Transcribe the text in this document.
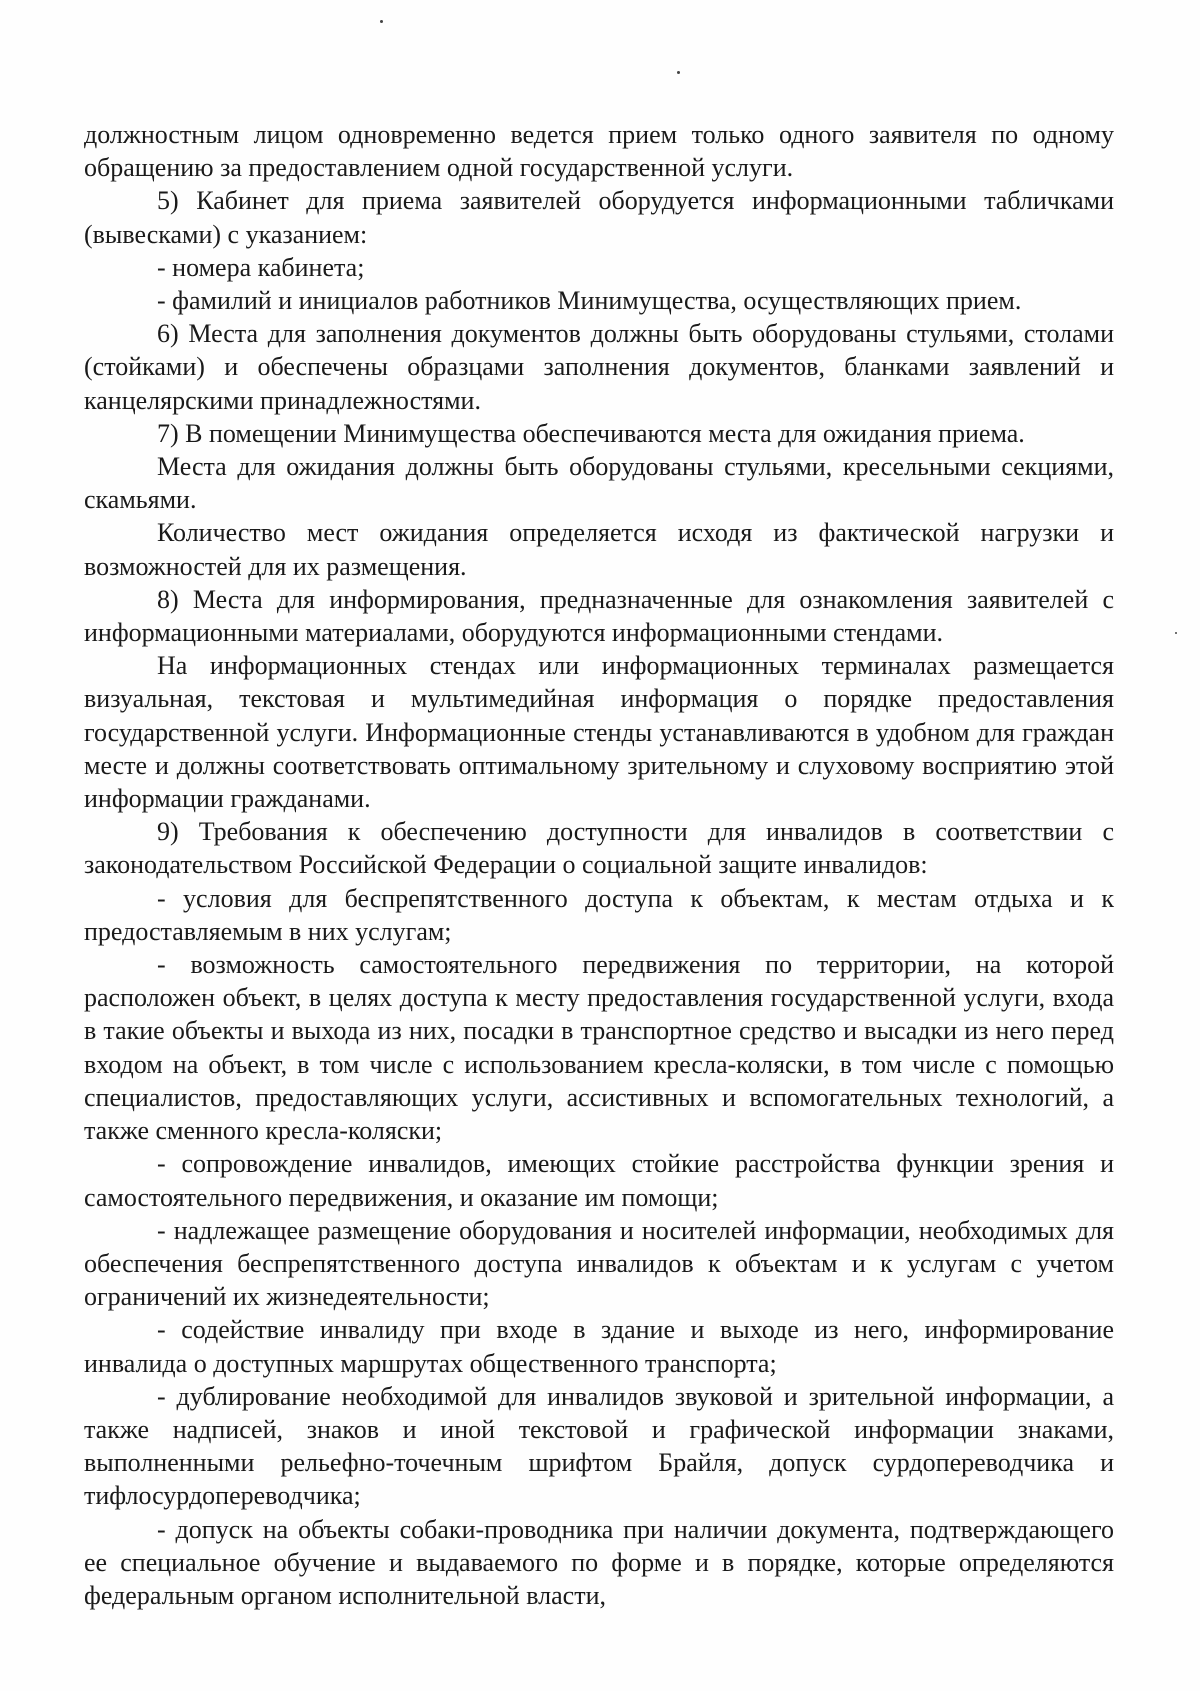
должностным лицом одновременно ведется прием только одного заявителя по одному обращению за предоставлением одной государственной услуги.

5) Кабинет для приема заявителей оборудуется информационными табличками (вывесками) с указанием:

- номера кабинета;

- фамилий и инициалов работников Минимущества, осуществляющих прием.

6) Места для заполнения документов должны быть оборудованы стульями, столами (стойками) и обеспечены образцами заполнения документов, бланками заявлений и канцелярскими принадлежностями.

7) В помещении Минимущества обеспечиваются места для ожидания приема.

Места для ожидания должны быть оборудованы стульями, кресельными секциями, скамьями.

Количество мест ожидания определяется исходя из фактической нагрузки и возможностей для их размещения.

8) Места для информирования, предназначенные для ознакомления заявителей с информационными материалами, оборудуются информационными стендами.

На информационных стендах или информационных терминалах размещается визуальная, текстовая и мультимедийная информация о порядке предоставления государственной услуги. Информационные стенды устанавливаются в удобном для граждан месте и должны соответствовать оптимальному зрительному и слуховому восприятию этой информации гражданами.

9) Требования к обеспечению доступности для инвалидов в соответствии с законодательством Российской Федерации о социальной защите инвалидов:

- условия для беспрепятственного доступа к объектам, к местам отдыха и к предоставляемым в них услугам;

- возможность самостоятельного передвижения по территории, на которой расположен объект, в целях доступа к месту предоставления государственной услуги, входа в такие объекты и выхода из них, посадки в транспортное средство и высадки из него перед входом на объект, в том числе с использованием кресла-коляски, в том числе с помощью специалистов, предоставляющих услуги, ассистивных и вспомогательных технологий, а также сменного кресла-коляски;

- сопровождение инвалидов, имеющих стойкие расстройства функции зрения и самостоятельного передвижения, и оказание им помощи;

- надлежащее размещение оборудования и носителей информации, необходимых для обеспечения беспрепятственного доступа инвалидов к объектам и к услугам с учетом ограничений их жизнедеятельности;

- содействие инвалиду при входе в здание и выходе из него, информирование инвалида о доступных маршрутах общественного транспорта;

- дублирование необходимой для инвалидов звуковой и зрительной информации, а также надписей, знаков и иной текстовой и графической информации знаками, выполненными рельефно-точечным шрифтом Брайля, допуск сурдопереводчика и тифлосурдопереводчика;

- допуск на объекты собаки-проводника при наличии документа, подтверждающего ее специальное обучение и выдаваемого по форме и в порядке, которые определяются федеральным органом исполнительной власти,
